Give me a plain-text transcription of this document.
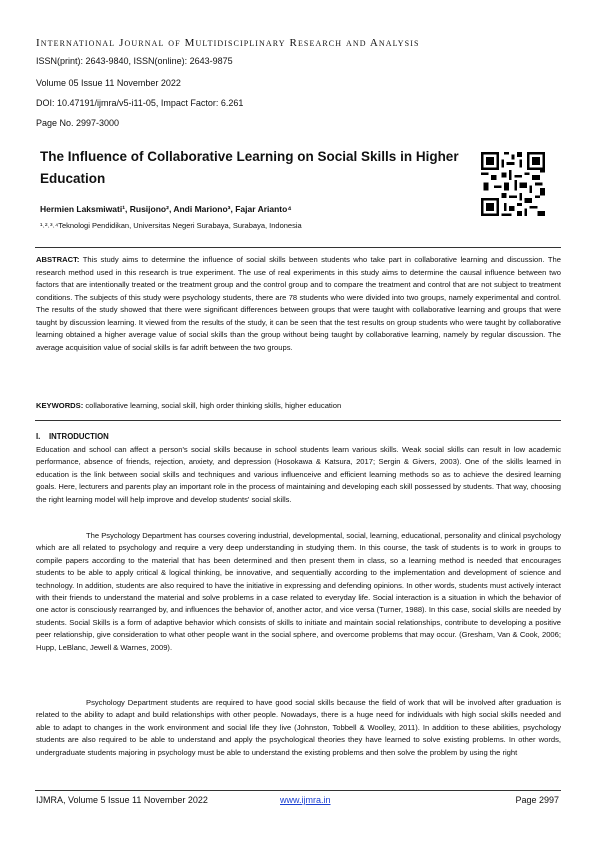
International Journal of Multidisciplinary Research and Analysis
ISSN(print): 2643-9840, ISSN(online): 2643-9875
Volume 05 Issue 11 November 2022
DOI: 10.47191/ijmra/v5-i11-05, Impact Factor: 6.261
Page No. 2997-3000
The Influence of Collaborative Learning on Social Skills in Higher Education
Hermien Laksmiwati¹, Rusijono², Andi Mariono³, Fajar Arianto⁴
¹˒²˒³˒⁴Teknologi Pendidikan, Universitas Negeri Surabaya, Surabaya, Indonesia
ABSTRACT: This study aims to determine the influence of social skills between students who take part in collaborative learning and discussion. The research method used in this research is true experiment. The use of real experiments in this study aims to determine the causal influence between two factors that are intentionally treated or the treatment group and the control group and to compare the treatment and control that are not subject to treatment conditions. The subjects of this study were psychology students, there are 78 students who were divided into two groups, namely experimental and control. The results of the study showed that there were significant differences between groups that were taught with collaborative learning and groups that were taught by discussion learning. It viewed from the results of the study, it can be seen that the test results on group students who were taught by collaborative learning obtained a higher average value of social skills than the group without being taught by collaborative learning, namely by regular discussion. The average acquisition value of social skills is far adrift between the two groups.
KEYWORDS: collaborative learning, social skill, high order thinking skills, higher education
I.    INTRODUCTION
Education and school can affect a person's social skills because in school students learn various skills. Weak social skills can result in low academic performance, absence of friends, rejection, anxiety, and depression (Hosokawa & Katsura, 2017; Sergin & Givers, 2003). One of the skills learned in education is the link between social skills and techniques and various influenceive and efficient learning methods so as to achieve the desired learning goals. Here, lecturers and parents play an important role in the process of maintaining and developing each skill possessed by students. That way, choosing the right learning model will help improve and develop students' social skills.
The Psychology Department has courses covering industrial, developmental, social, learning, educational, personality and clinical psychology which are all related to psychology and require a very deep understanding in studying them. In this course, the task of students is to work in groups to compile papers according to the material that has been determined and then present them in class, so a learning method is needed that encourages students to be able to apply critical & logical thinking, be innovative, and sequentially according to the implementation and development of science and technology. In addition, students are also required to have the initiative in expressing and defending opinions. In other words, students must actively interact with their friends to understand the material and solve problems in a case related to everyday life. Social interaction is a situation in which the behavior of one actor is consciously rearranged by, and influences the behavior of, another actor, and vice versa (Turner, 1988). In this case, social skills are needed by students. Social Skills is a form of adaptive behavior which consists of skills to initiate and maintain social relationships, contribute to developing a positive peer relationship, give consideration to what other people want in the social sphere, and overcome problems that may occur. (Gresham, Van & Cook, 2006; Hupp, LeBlanc, Jewell & Warnes, 2009).
Psychology Department students are required to have good social skills because the field of work that will be involved after graduation is related to the ability to adapt and build relationships with other people. Nowadays, there is a huge need for individuals with high social skills needed and able to adapt to changes in the work environment and social life they live (Johnston, Tobbell & Woolley, 2011). In addition to these abilities, psychology students are also required to be able to understand and apply the psychological theories they have learned to solve existing problems. In other words, undergraduate students majoring in psychology must be able to understand the existing problems and then solve the problem by using the right
IJMRA, Volume 5 Issue 11 November 2022	www.ijmra.in	Page 2997
